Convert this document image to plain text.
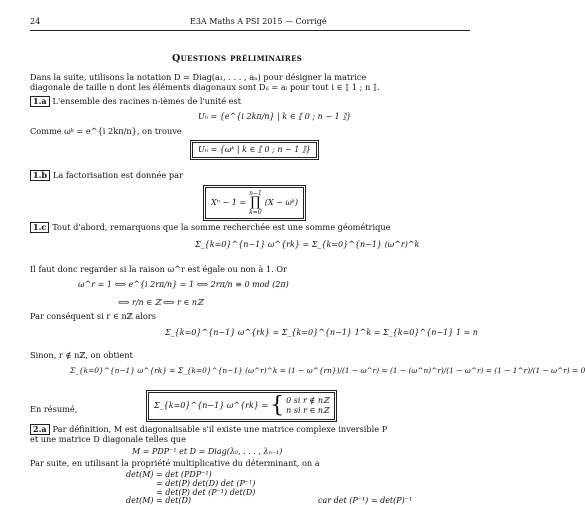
24	E3A Maths A PSI 2015 — Corrigé
Questions préliminaires
Dans la suite, utilisons la notation D = Diag(a₁, . . . , aₙ) pour désigner la matrice
diagonale de taille n dont les éléments diagonaux sont Dᵢᵢ = aᵢ pour tout i ∈ ⟦ 1 ; n ⟧.
1.a L'ensemble des racines n-ièmes de l'unité est
Uₙ = {e^{i 2kπ/n} | k ∈ ⟦ 0 ; n − 1 ⟧}
Comme ωᵏ = e^{i 2kπ/n}, on trouve
Uₙ = {ωᵏ | k ∈ ⟦ 0 ; n − 1 ⟧}
1.b La factorisation est donnée par
Xⁿ − 1 =
n−1
∏
k=0
(X − ωᵏ)
1.c Tout d'abord, remarquons que la somme recherchée est une somme géométrique
Σ_{k=0}^{n−1} ω^{rk} = Σ_{k=0}^{n−1} (ω^r)^k
Il faut donc regarder si la raison ω^r est égale ou non à 1. Or
ω^r = 1 ⟺ e^{i 2rπ/n} = 1 ⟺ 2rπ/n ≡ 0 mod (2π)
⟺ r/n ∈ ℤ ⟺ r ∈ nℤ
Par conséquent si r ∈ nℤ alors
Σ_{k=0}^{n−1} ω^{rk} = Σ_{k=0}^{n−1} 1^k = Σ_{k=0}^{n−1} 1 = n
Sinon, r ∉ nℤ, on obtient
Σ_{k=0}^{n−1} ω^{rk} = Σ_{k=0}^{n−1} (ω^r)^k = (1 − ω^{rn})/(1 − ω^r) = (1 − (ω^n)^r)/(1 − ω^r) = (1 − 1^r)/(1 − ω^r) = 0
En résumé,	Σ_{k=0}^{n−1} ω^{rk} = { 0 si r ∉ nℤ
n si r ∈ nℤ
2.a Par définition, M est diagonalisable s'il existe une matrice complexe inversible P
et une matrice D diagonale telles que
M = PDP⁻¹ et D = Diag(λ₀, . . . , λₙ₋₁)
Par suite, en utilisant la propriété multiplicative du déterminant, on a
det(M) = det (PDP⁻¹)
= det(P) det(D) det (P⁻¹)
= det(P) det (P⁻¹) det(D)
det(M) = det(D)	car det (P⁻¹) = det(P)⁻¹
